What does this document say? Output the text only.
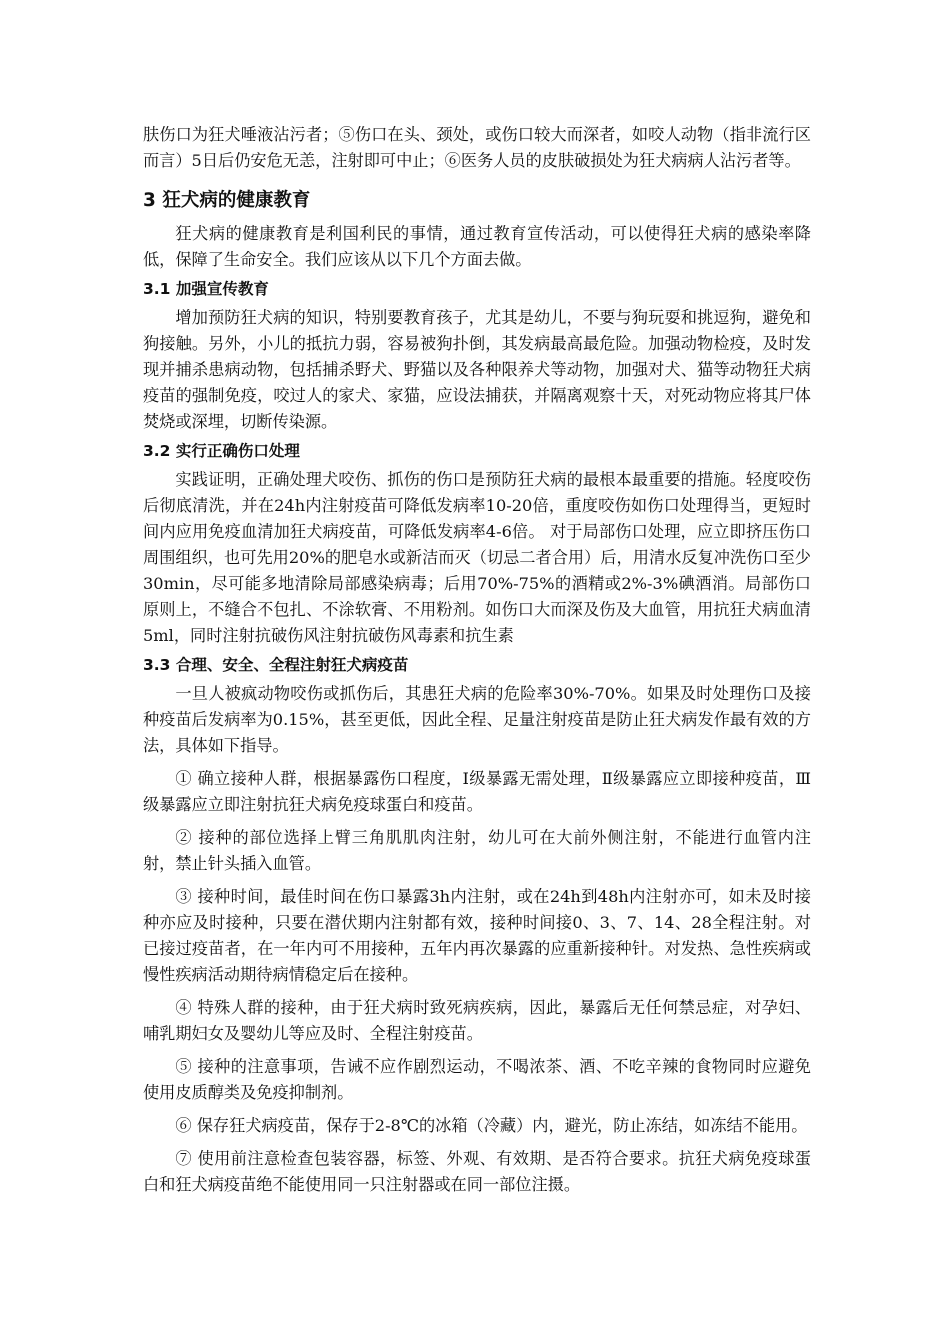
肤伤口为狂犬唾液沾污者；⑤伤口在头、颈处，或伤口较大而深者，如咬人动物（指非流行区而言）5日后仍安危无恙，注射即可中止；⑥医务人员的皮肤破损处为狂犬病病人沾污者等。

3 狂犬病的健康教育

狂犬病的健康教育是利国利民的事情，通过教育宣传活动，可以使得狂犬病的感染率降低，保障了生命安全。我们应该从以下几个方面去做。

3.1 加强宣传教育

增加预防狂犬病的知识，特别要教育孩子，尤其是幼儿，不要与狗玩耍和挑逗狗，避免和狗接触。另外，小儿的抵抗力弱，容易被狗扑倒，其发病最高最危险。加强动物检疫，及时发现并捕杀患病动物，包括捕杀野犬、野猫以及各种限养犬等动物，加强对犬、猫等动物狂犬病疫苗的强制免疫，咬过人的家犬、家猫，应设法捕获，并隔离观察十天，对死动物应将其尸体焚烧或深埋，切断传染源。

3.2 实行正确伤口处理

实践证明，正确处理犬咬伤、抓伤的伤口是预防狂犬病的最根本最重要的措施。轻度咬伤后彻底清洗，并在24h内注射疫苗可降低发病率10-20倍，重度咬伤如伤口处理得当，更短时间内应用免疫血清加狂犬病疫苗，可降低发病率4-6倍。 对于局部伤口处理，应立即挤压伤口周围组织，也可先用20%的肥皂水或新洁而灭（切忌二者合用）后，用清水反复冲洗伤口至少30min，尽可能多地清除局部感染病毒；后用70%-75%的酒精或2%-3%碘酒消。局部伤口原则上，不缝合不包扎、不涂软膏、不用粉剂。如伤口大而深及伤及大血管，用抗狂犬病血清5ml，同时注射抗破伤风注射抗破伤风毒素和抗生素

3.3 合理、安全、全程注射狂犬病疫苗

一旦人被疯动物咬伤或抓伤后，其患狂犬病的危险率30%-70%。如果及时处理伤口及接种疫苗后发病率为0.15%，甚至更低，因此全程、足量注射疫苗是防止狂犬病发作最有效的方法，具体如下指导。

① 确立接种人群，根据暴露伤口程度，Ⅰ级暴露无需处理，Ⅱ级暴露应立即接种疫苗，Ⅲ级暴露应立即注射抗狂犬病免疫球蛋白和疫苗。

② 接种的部位选择上臂三角肌肌肉注射，幼儿可在大前外侧注射，不能进行血管内注射，禁止针头插入血管。

③ 接种时间，最佳时间在伤口暴露3h内注射，或在24h到48h内注射亦可，如未及时接种亦应及时接种，只要在潜伏期内注射都有效，接种时间接0、3、7、14、28全程注射。对已接过疫苗者，在一年内可不用接种，五年内再次暴露的应重新接种针。对发热、急性疾病或慢性疾病活动期待病情稳定后在接种。

④ 特殊人群的接种，由于狂犬病时致死病疾病，因此，暴露后无任何禁忌症，对孕妇、哺乳期妇女及婴幼儿等应及时、全程注射疫苗。

⑤ 接种的注意事项，告诫不应作剧烈运动，不喝浓茶、酒、不吃辛辣的食物同时应避免使用皮质醇类及免疫抑制剂。

⑥ 保存狂犬病疫苗，保存于2-8℃的冰箱（冷藏）内，避光，防止冻结，如冻结不能用。

⑦ 使用前注意检查包装容器，标签、外观、有效期、是否符合要求。抗狂犬病免疫球蛋白和狂犬病疫苗绝不能使用同一只注射器或在同一部位注摄。
